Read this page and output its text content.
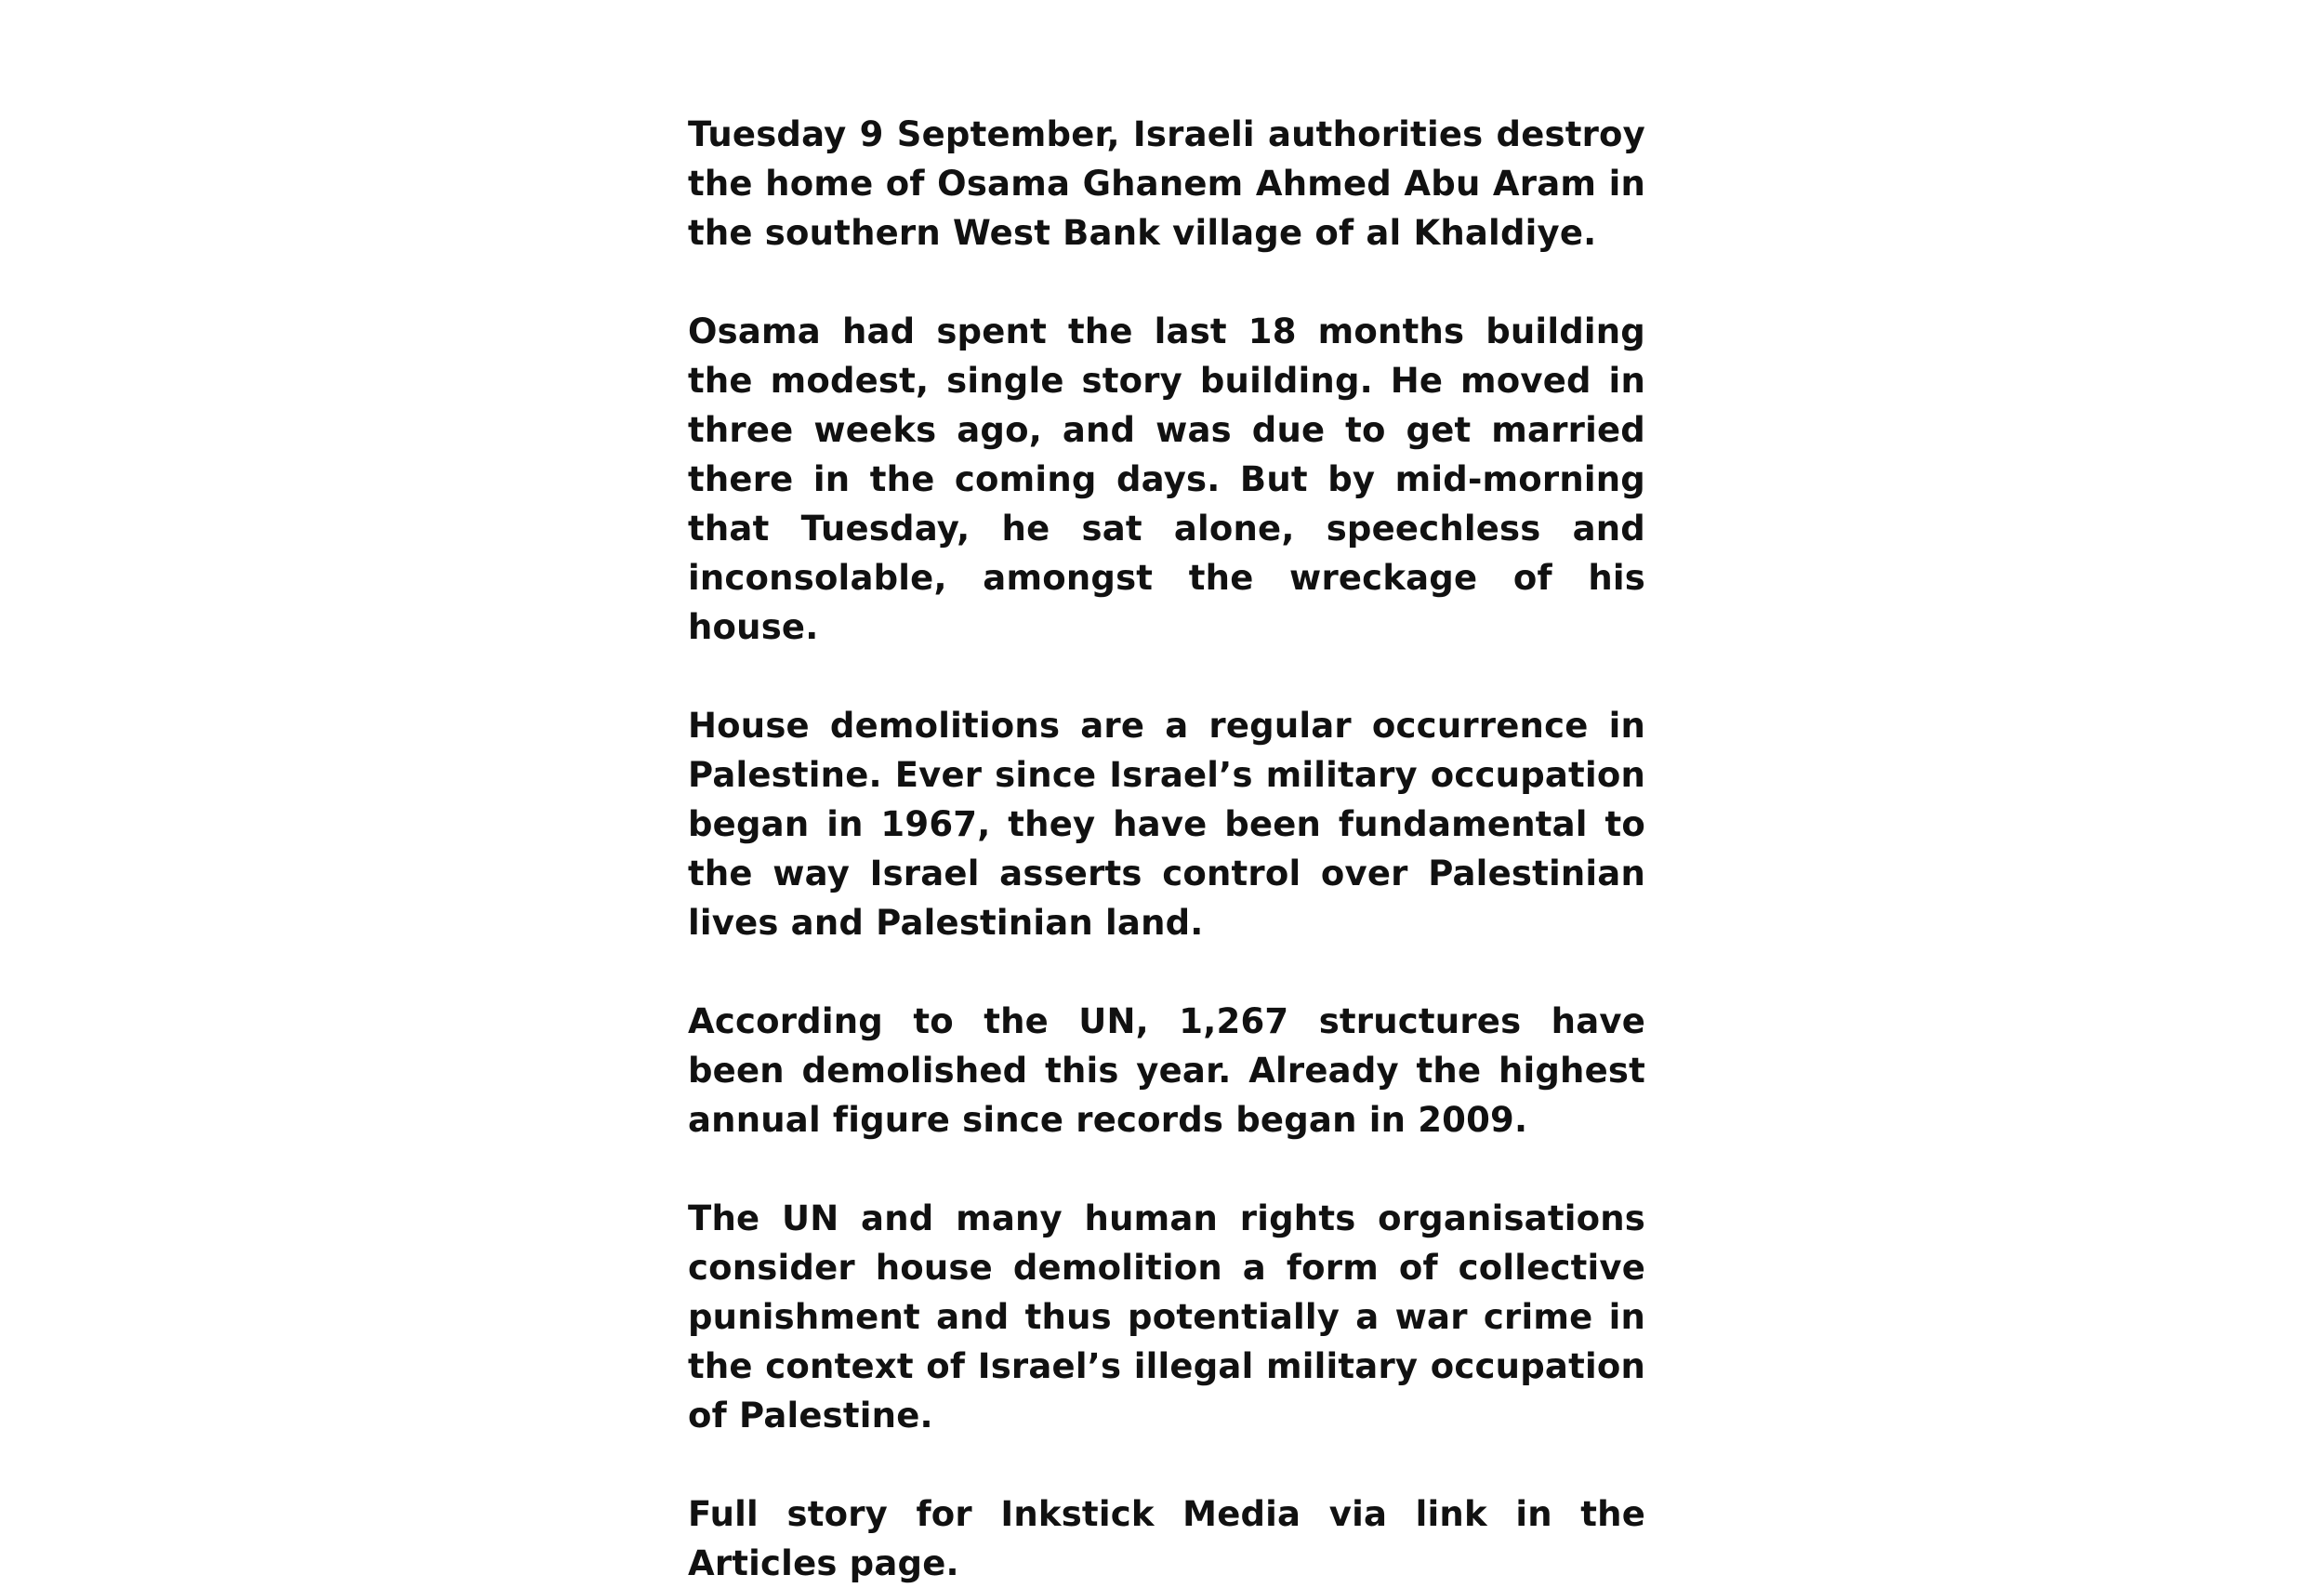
Tuesday 9 September, Israeli authorities destroy the home of Osama Ghanem Ahmed Abu Aram in the southern West Bank village of al Khaldiye.

Osama had spent the last 18 months building the modest, single story building. He moved in three weeks ago, and was due to get married there in the coming days. But by mid-morning that Tuesday, he sat alone, speechless and inconsolable, amongst the wreckage of his house.

House demolitions are a regular occurrence in Palestine. Ever since Israel’s military occupation began in 1967, they have been fundamental to the way Israel asserts control over Palestinian lives and Palestinian land.

According to the UN, 1,267 structures have been demolished this year. Already the highest annual figure since records began in 2009.

The UN and many human rights organisations consider house demolition a form of collective punishment and thus potentially a war crime in the context of Israel’s illegal military occupation of Palestine.

Full story for Inkstick Media via link in the Articles page.
